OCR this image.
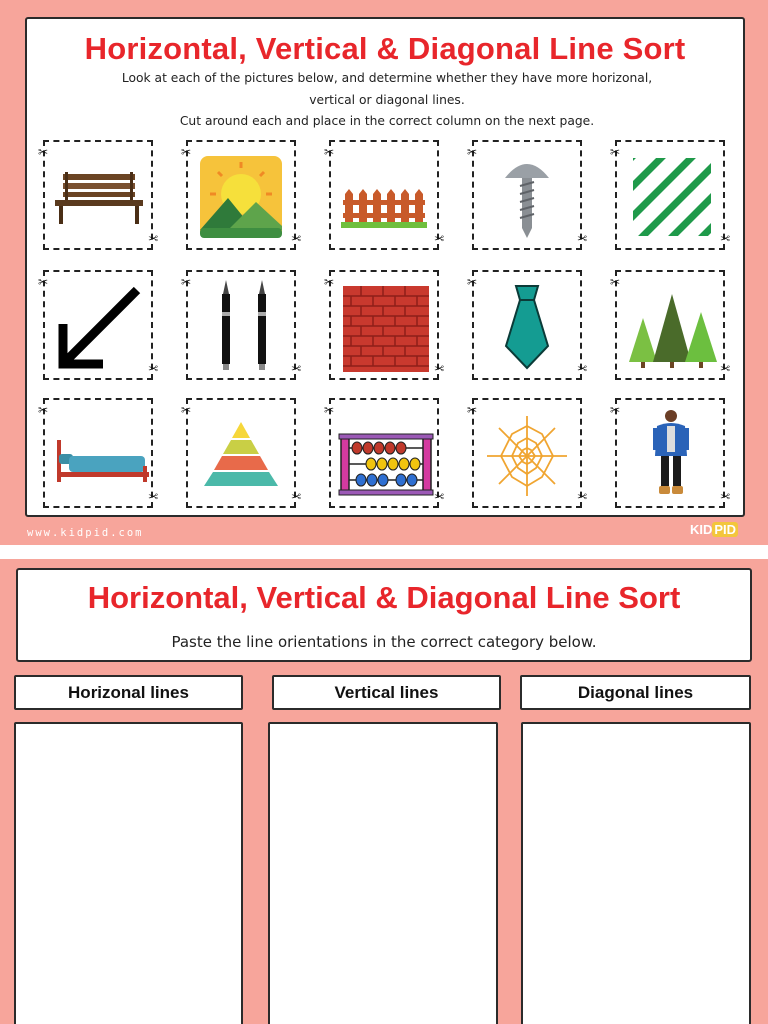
Horizontal, Vertical & Diagonal Line Sort
Look at each of the pictures below, and determine whether they have more horizonal,
vertical or diagonal lines.
Cut around each and place in the correct column on the next page.
✂
✂
✂
✂
✂
✂
✂
✂
✂
✂
✂
✂
✂
✂
✂
✂
✂
✂
✂
✂
✂
✂
✂
✂
✂
✂
✂
✂
✂
✂
www.kidpid.com	KID PID
Horizontal, Vertical & Diagonal Line Sort
Paste the line orientations in the correct category below.
Horizonal lines	Vertical lines	Diagonal lines
